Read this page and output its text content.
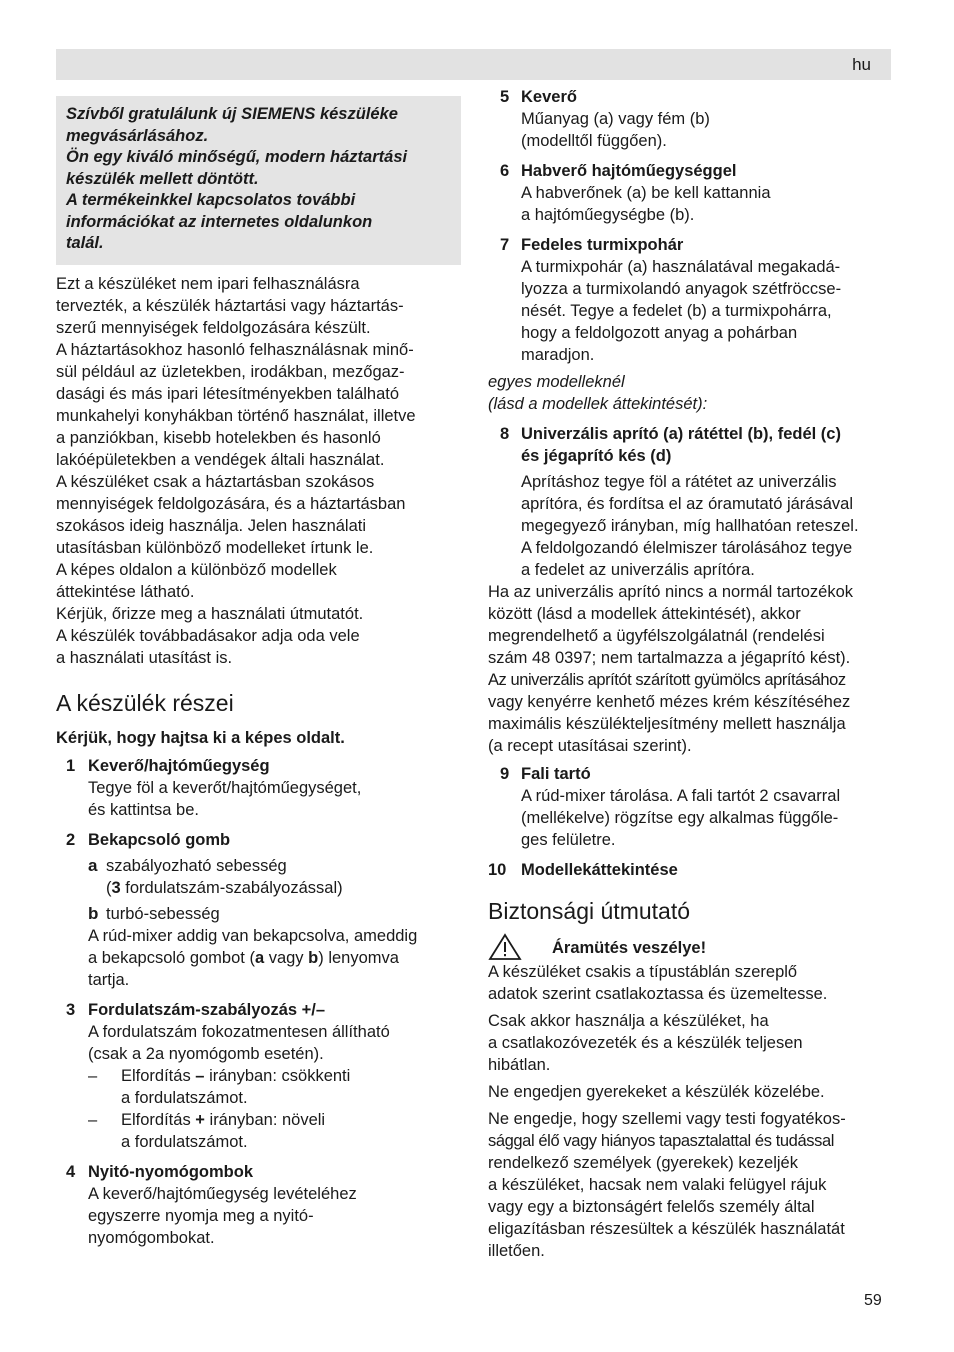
hu
Szívből gratulálunk új SIEMENS készüléke
megvásárlásához.
Ön egy kiváló minőségű, modern háztartási
készülék mellett döntött.
A termékeinkkel kapcsolatos további
információkat az internetes oldalunkon
talál.
Ezt a készüléket nem ipari felhasználásra
tervezték, a készülék háztartási vagy háztartás-
szerű mennyiségek feldolgozására készült.
A háztartásokhoz hasonló felhasználásnak minő-
sül például az üzletekben, irodákban, mezőgaz-
dasági és más ipari létesítményekben található
munkahelyi konyhákban történő használat, illetve
a panziókban, kisebb hotelekben és hasonló
lakóépületekben a vendégek általi használat.
A készüléket csak a háztartásban szokásos
mennyiségek feldolgozására, és a háztartásban
szokásos ideig használja. Jelen használati
utasításban különböző modelleket írtunk le.
A képes oldalon a különböző modellek
áttekintése látható.
Kérjük, őrizze meg a használati útmutatót.
A készülék továbbadásakor adja oda vele
a használati utasítást is.
A készülék részei
Kérjük, hogy hajtsa ki a képes oldalt.
1 Keverő/hajtóműegység
Tegye föl a keverőt/hajtóműegységet,
és kattintsa be.
2 Bekapcsoló gomb
a szabályozható sebesség
(3 fordulatszám-szabályozással)
b turbó-sebesség
A rúd-mixer addig van bekapcsolva, ameddig
a bekapcsoló gombot (a vagy b) lenyomva
tartja.
3 Fordulatszám-szabályozás +/–
A fordulatszám fokozatmentesen állítható
(csak a 2a nyomógomb esetén).
–	Elfordítás – irányban: csökkenti
a fordulatszámot.
–	Elfordítás + irányban: növeli
a fordulatszámot.
4 Nyitó-nyomógombok
A keverő/hajtóműegység levételéhez
egyszerre nyomja meg a nyitó-
nyomógombokat.
5 Keverő
Műanyag (a) vagy fém (b)
(modelltől függően).
6 Habverő hajtóműegységgel
A habverőnek (a) be kell kattannia
a hajtóműegységbe (b).
7 Fedeles turmixpohár
A turmixpohár (a) használatával megakadá-
lyozza a turmixolandó anyagok szétfröccse-
nését. Tegye a fedelet (b) a turmixpohárra,
hogy a feldolgozott anyag a pohárban
maradjon.
egyes modelleknél
(lásd a modellek áttekintését):
8 Univerzális aprító (a) rátéttel (b), fedél (c)
és jégaprító kés (d)
Aprításhoz tegye föl a rátétet az univerzális
aprítóra, és fordítsa el az óramutató járásával
megegyező irányban, míg hallhatóan reteszel.
A feldolgozandó élelmiszer tárolásához tegye
a fedelet az univerzális aprítóra.
Ha az univerzális aprító nincs a normál tartozékok
között (lásd a modellek áttekintését), akkor
megrendelhető a ügyfélszolgálatnál (rendelési
szám 48 0397; nem tartalmazza a jégaprító kést).
Az univerzális aprítót szárított gyümölcs aprításához
vagy kenyérre kenhető mézes krém készítéséhez
maximális készülékteljesítmény mellett használja
(a recept utasításai szerint).
9 Fali tartó
A rúd-mixer tárolása. A fali tartót 2 csavarral
(mellékelve) rögzítse egy alkalmas függőle-
ges felületre.
10 Modellekáttekintése
Biztonsági útmutató
Áramütés veszélye!
A készüléket csakis a típustáblán szereplő
adatok szerint csatlakoztassa és üzemeltesse.
Csak akkor használja a készüléket, ha
a csatlakozóvezeték és a készülék teljesen
hibátlan.
Ne engedjen gyerekeket a készülék közelébe.
Ne engedje, hogy szellemi vagy testi fogyatékos-
sággal élő vagy hiányos tapasztalattal és tudással
rendelkező személyek (gyerekek) kezeljék
a készüléket, hacsak nem valaki felügyel rájuk
vagy egy a biztonságért felelős személy által
eligazításban részesültek a készülék használatát
illetően.
59
